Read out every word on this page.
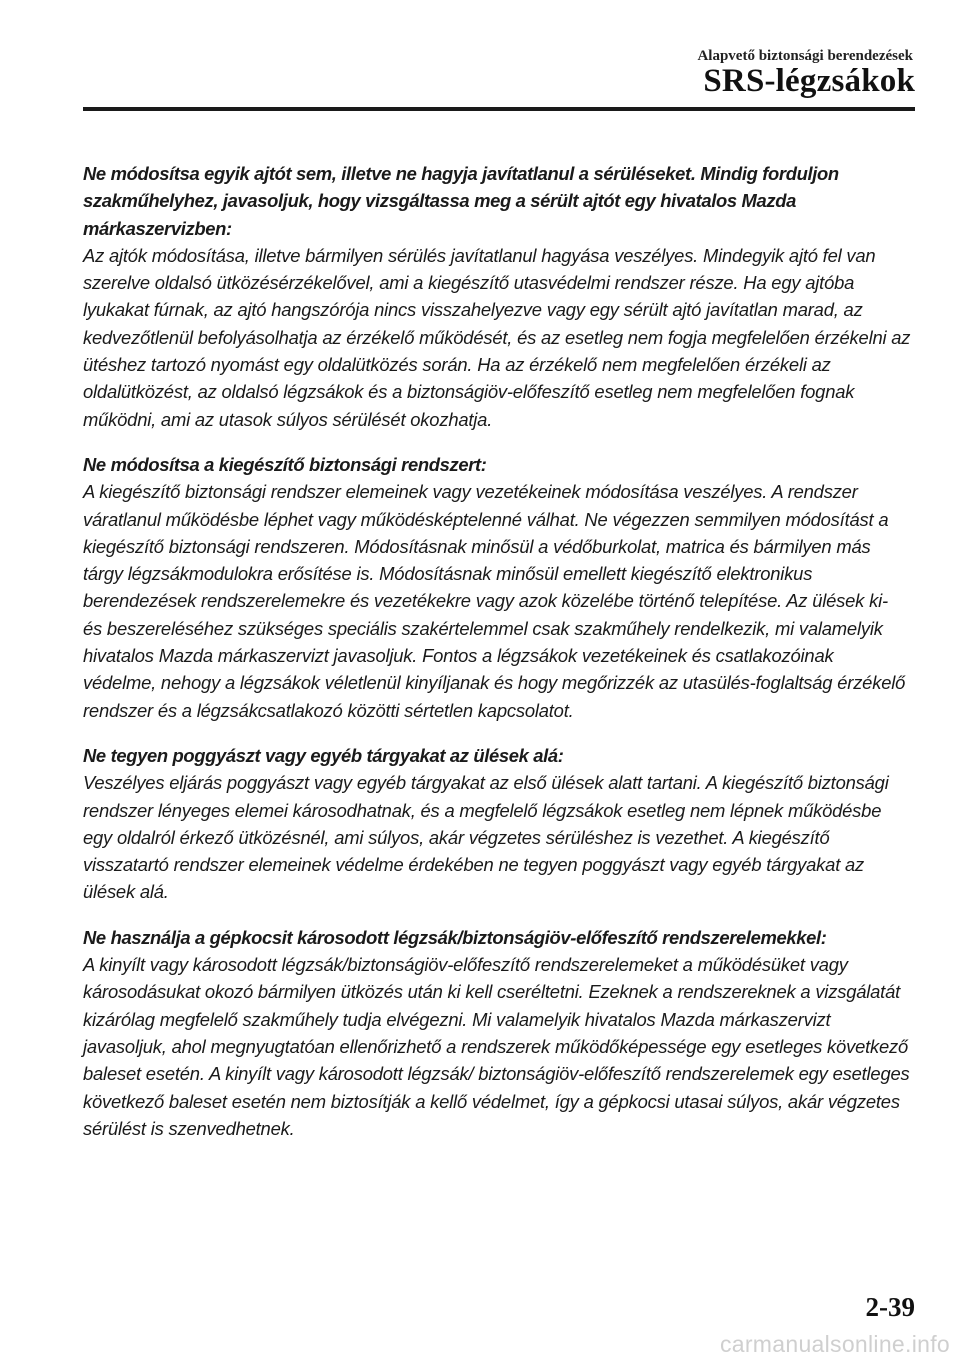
Alapvető biztonsági berendezések
SRS-légzsákok
Ne módosítsa egyik ajtót sem, illetve ne hagyja javítatlanul a sérüléseket. Mindig forduljon szakműhelyhez, javasoljuk, hogy vizsgáltassa meg a sérült ajtót egy hivatalos Mazda márkaszervizben:
Az ajtók módosítása, illetve bármilyen sérülés javítatlanul hagyása veszélyes. Mindegyik ajtó fel van szerelve oldalsó ütközésérzékelővel, ami a kiegészítő utasvédelmi rendszer része. Ha egy ajtóba lyukakat fúrnak, az ajtó hangszórója nincs visszahelyezve vagy egy sérült ajtó javítatlan marad, az kedvezőtlenül befolyásolhatja az érzékelő működését, és az esetleg nem fogja megfelelően érzékelni az ütéshez tartozó nyomást egy oldalütközés során. Ha az érzékelő nem megfelelően érzékeli az oldalütközést, az oldalsó légzsákok és a biztonságiöv-előfeszítő esetleg nem megfelelően fognak működni, ami az utasok súlyos sérülését okozhatja.
Ne módosítsa a kiegészítő biztonsági rendszert:
A kiegészítő biztonsági rendszer elemeinek vagy vezetékeinek módosítása veszélyes. A rendszer váratlanul működésbe léphet vagy működésképtelenné válhat. Ne végezzen semmilyen módosítást a kiegészítő biztonsági rendszeren. Módosításnak minősül a védőburkolat, matrica és bármilyen más tárgy légzsákmodulokra erősítése is. Módosításnak minősül emellett kiegészítő elektronikus berendezések rendszerelemekre és vezetékekre vagy azok közelébe történő telepítése. Az ülések ki- és beszereléséhez szükséges speciális szakértelemmel csak szakműhely rendelkezik, mi valamelyik hivatalos Mazda márkaszervizt javasoljuk. Fontos a légzsákok vezetékeinek és csatlakozóinak védelme, nehogy a légzsákok véletlenül kinyíljanak és hogy megőrizzék az utasülés-foglaltság érzékelő rendszer és a légzsákcsatlakozó közötti sértetlen kapcsolatot.
Ne tegyen poggyászt vagy egyéb tárgyakat az ülések alá:
Veszélyes eljárás poggyászt vagy egyéb tárgyakat az első ülések alatt tartani. A kiegészítő biztonsági rendszer lényeges elemei károsodhatnak, és a megfelelő légzsákok esetleg nem lépnek működésbe egy oldalról érkező ütközésnél, ami súlyos, akár végzetes sérüléshez is vezethet. A kiegészítő visszatartó rendszer elemeinek védelme érdekében ne tegyen poggyászt vagy egyéb tárgyakat az ülések alá.
Ne használja a gépkocsit károsodott légzsák/biztonságiöv-előfeszítő rendszerelemekkel:
A kinyílt vagy károsodott légzsák/biztonságiöv-előfeszítő rendszerelemeket a működésüket vagy károsodásukat okozó bármilyen ütközés után ki kell cseréltetni. Ezeknek a rendszereknek a vizsgálatát kizárólag megfelelő szakműhely tudja elvégezni. Mi valamelyik hivatalos Mazda márkaszervizt javasoljuk, ahol megnyugtatóan ellenőrizhető a rendszerek működőképessége egy esetleges következő baleset esetén. A kinyílt vagy károsodott légzsák/ biztonságiöv-előfeszítő rendszerelemek egy esetleges következő baleset esetén nem biztosítják a kellő védelmet, így a gépkocsi utasai súlyos, akár végzetes sérülést is szenvedhetnek.
2-39
carmanualsonline.info
